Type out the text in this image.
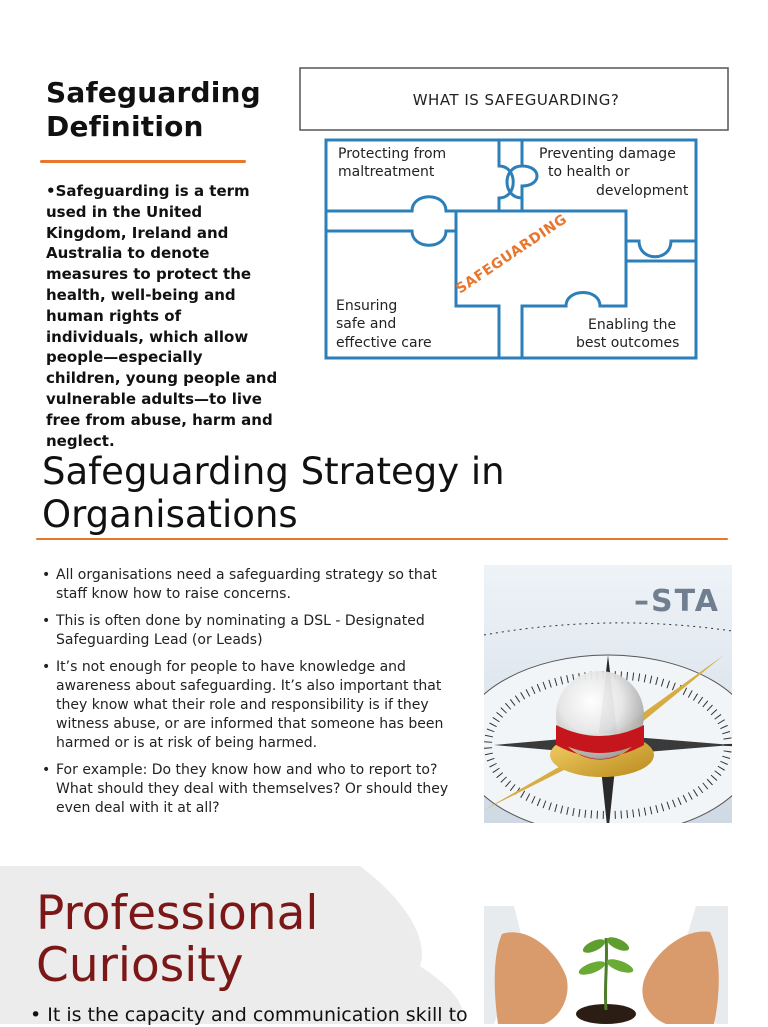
Safeguarding Definition
•Safeguarding is a term used in the United Kingdom, Ireland and Australia to denote measures to protect the health, well-being and human rights of individuals, which allow people—especially children, young people and vulnerable adults—to live free from abuse, harm and neglect.
WHAT IS SAFEGUARDING?
Protecting from
maltreatment
Preventing damage
to health or
development
Ensuring
safe and
effective care
Enabling the
best outcomes
SAFEGUARDING
Safeguarding Strategy in Organisations
• All organisations need a safeguarding strategy so that staff know how to raise concerns.
• This is often done by nominating a DSL - Designated Safeguarding Lead (or Leads)
• It’s not enough for people to have knowledge and awareness about safeguarding. It’s also important that they know what their role and responsibility is if they witness abuse, or are informed that someone has been harmed or is at risk of being harmed.
• For example: Do they know how and who to report to? What should they deal with themselves? Or should they even deal with it at all?
–STA
Professional
Curiosity
• It is the capacity and communication skill to
